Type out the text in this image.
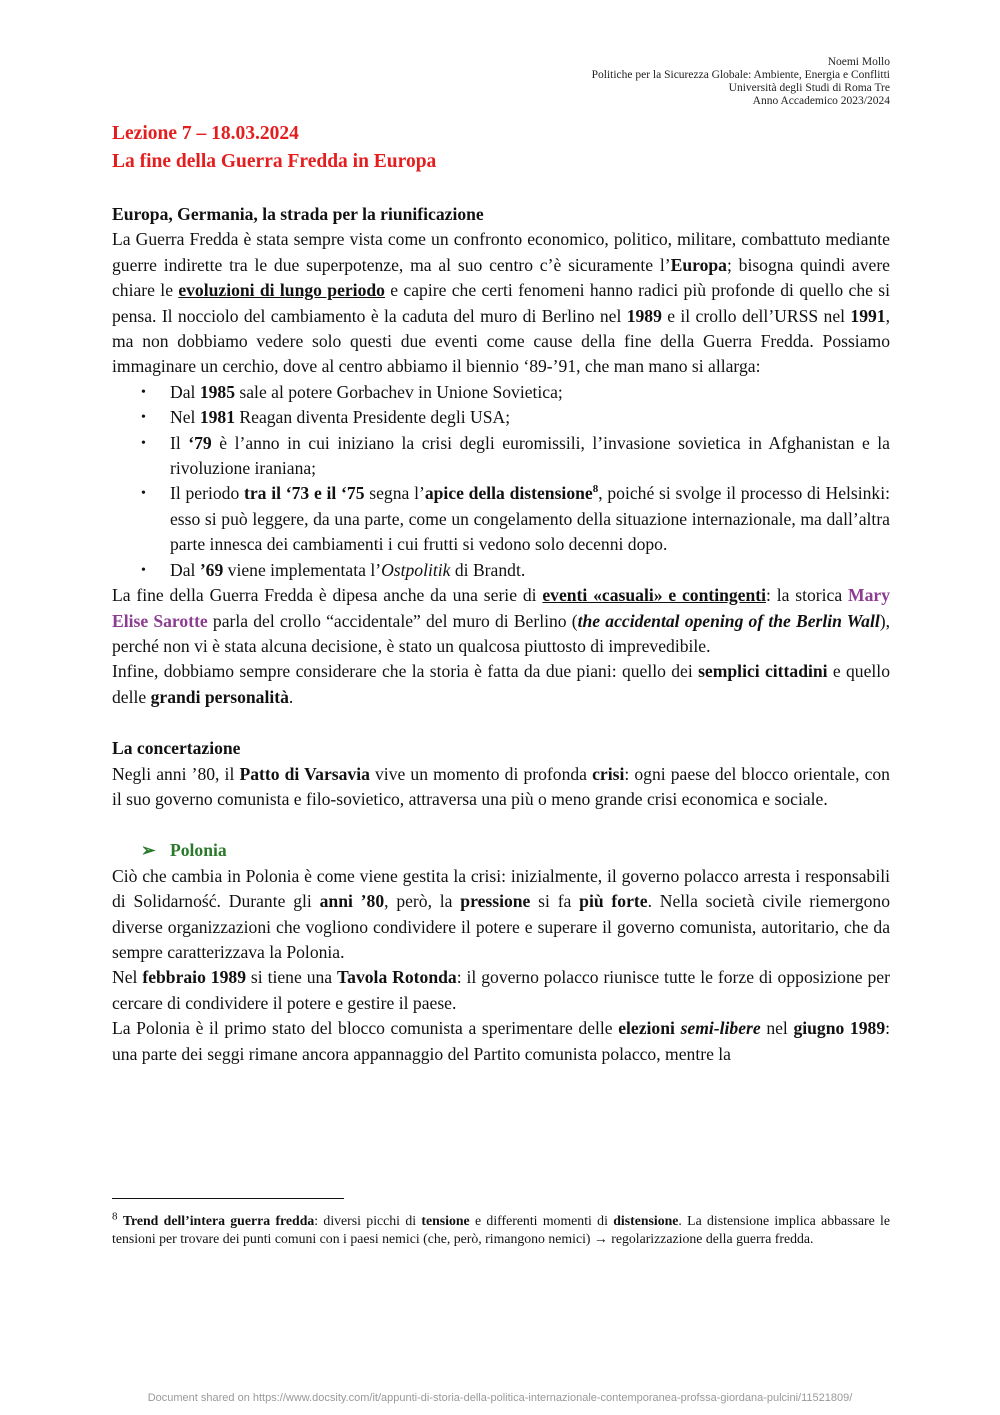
Noemi Mollo
Politiche per la Sicurezza Globale: Ambiente, Energia e Conflitti
Università degli Studi di Roma Tre
Anno Accademico 2023/2024
Lezione 7 – 18.03.2024
La fine della Guerra Fredda in Europa

Europa, Germania, la strada per la riunificazione

La Guerra Fredda è stata sempre vista come un confronto economico, politico, militare, combattuto mediante guerre indirette tra le due superpotenze, ma al suo centro c’è sicuramente l’Europa; bisogna quindi avere chiare le evoluzioni di lungo periodo e capire che certi fenomeni hanno radici più profonde di quello che si pensa. Il nocciolo del cambiamento è la caduta del muro di Berlino nel 1989 e il crollo dell’URSS nel 1991, ma non dobbiamo vedere solo questi due eventi come cause della fine della Guerra Fredda. Possiamo immaginare un cerchio, dove al centro abbiamo il biennio ‘89-’91, che man mano si allarga:

• Dal 1985 sale al potere Gorbachev in Unione Sovietica;
• Nel 1981 Reagan diventa Presidente degli USA;
• Il ‘79 è l’anno in cui iniziano la crisi degli euromissili, l’invasione sovietica in Afghanistan e la rivoluzione iraniana;
• Il periodo tra il ‘73 e il ‘75 segna l’apice della distensione$^8$, poiché si svolge il processo di Helsinki: esso si può leggere, da una parte, come un congelamento della situazione internazionale, ma dall’altra parte innesca dei cambiamenti i cui frutti si vedono solo decenni dopo.
• Dal ’69 viene implementata l’Ostpolitik di Brandt.

La fine della Guerra Fredda è dipesa anche da una serie di eventi «casuali» e contingenti: la storica Mary Elise Sarotte parla del crollo “accidentale” del muro di Berlino (the accidental opening of the Berlin Wall), perché non vi è stata alcuna decisione, è stato un qualcosa piuttosto di imprevedibile.

Infine, dobbiamo sempre considerare che la storia è fatta da due piani: quello dei semplici cittadini e quello delle grandi personalità.

La concertazione

Negli anni ’80, il Patto di Varsavia vive un momento di profonda crisi: ogni paese del blocco orientale, con il suo governo comunista e filo-sovietico, attraversa una più o meno grande crisi economica e sociale.

➢ Polonia

Ciò che cambia in Polonia è come viene gestita la crisi: inizialmente, il governo polacco arresta i responsabili di Solidarność. Durante gli anni ’80, però, la pressione si fa più forte. Nella società civile riemergono diverse organizzazioni che vogliono condividere il potere e superare il governo comunista, autoritario, che da sempre caratterizzava la Polonia.

Nel febbraio 1989 si tiene una Tavola Rotonda: il governo polacco riunisce tutte le forze di opposizione per cercare di condividere il potere e gestire il paese.

La Polonia è il primo stato del blocco comunista a sperimentare delle elezioni semi-libere nel giugno 1989: una parte dei seggi rimane ancora appannaggio del Partito comunista polacco, mentre la

$^8$ Trend dell’intera guerra fredda: diversi picchi di tensione e differenti momenti di distensione. La distensione implica abbassare le tensioni per trovare dei punti comuni con i paesi nemici (che, però, rimangono nemici) → regolarizzazione della guerra fredda.
Document shared on https://www.docsity.com/it/appunti-di-storia-della-politica-internazionale-contemporanea-profssa-giordana-pulcini/11521809/
